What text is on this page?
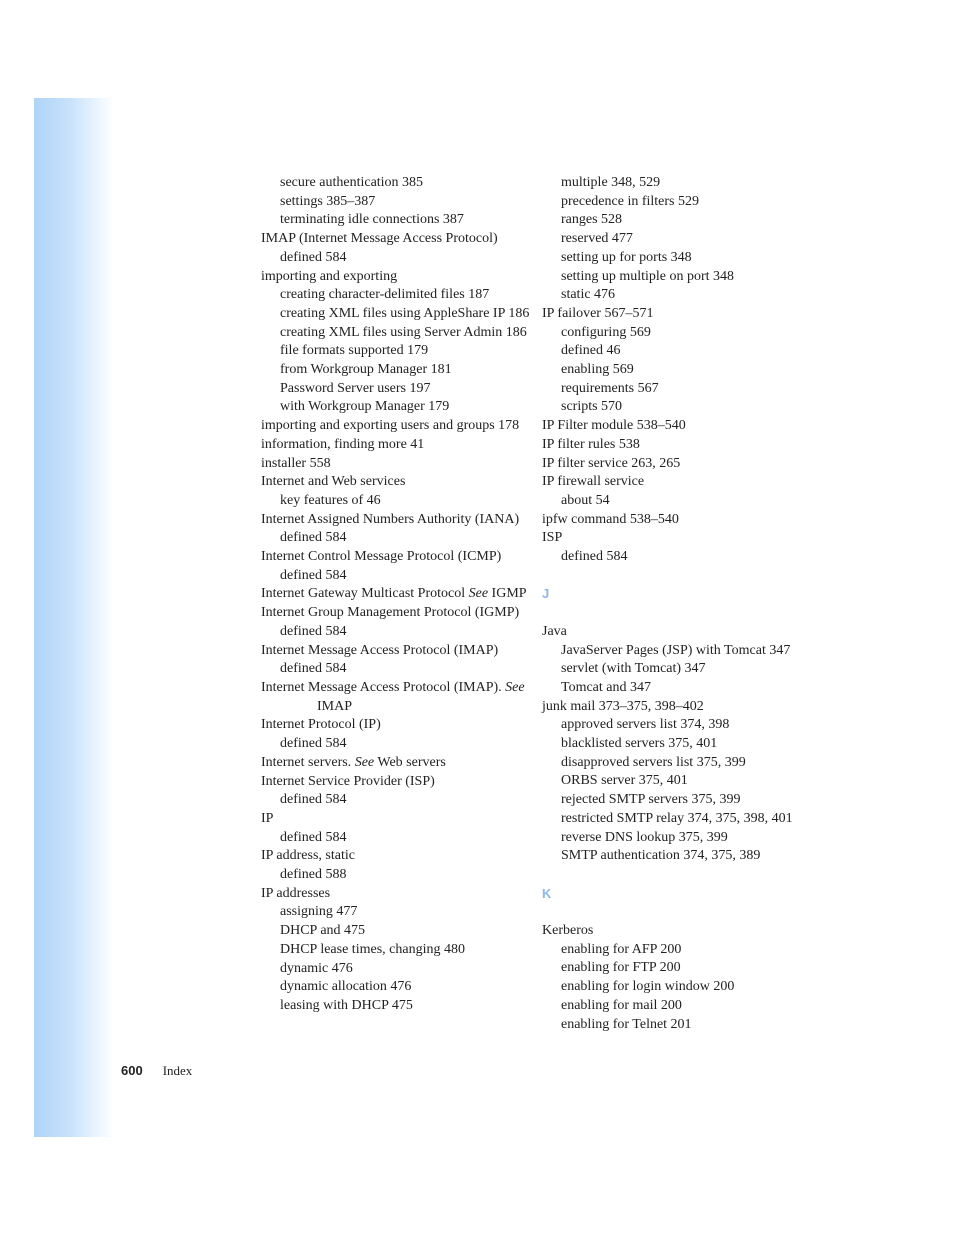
secure authentication 385
settings 385–387
terminating idle connections 387
IMAP (Internet Message Access Protocol)
defined 584
importing and exporting
creating character-delimited files 187
creating XML files using AppleShare IP 186
creating XML files using Server Admin 186
file formats supported 179
from Workgroup Manager 181
Password Server users 197
with Workgroup Manager 179
importing and exporting users and groups 178
information, finding more 41
installer 558
Internet and Web services
key features of 46
Internet Assigned Numbers Authority (IANA)
defined 584
Internet Control Message Protocol (ICMP)
defined 584
Internet Gateway Multicast Protocol See IGMP
Internet Group Management Protocol (IGMP)
defined 584
Internet Message Access Protocol (IMAP)
defined 584
Internet Message Access Protocol (IMAP). See
IMAP
Internet Protocol (IP)
defined 584
Internet servers. See Web servers
Internet Service Provider (ISP)
defined 584
IP
defined 584
IP address, static
defined 588
IP addresses
assigning 477
DHCP and 475
DHCP lease times, changing 480
dynamic 476
dynamic allocation 476
leasing with DHCP 475
multiple 348, 529
precedence in filters 529
ranges 528
reserved 477
setting up for ports 348
setting up multiple on port 348
static 476
IP failover 567–571
configuring 569
defined 46
enabling 569
requirements 567
scripts 570
IP Filter module 538–540
IP filter rules 538
IP filter service 263, 265
IP firewall service
about 54
ipfw command 538–540
ISP
defined 584
J
Java
JavaServer Pages (JSP) with Tomcat 347
servlet (with Tomcat) 347
Tomcat and 347
junk mail 373–375, 398–402
approved servers list 374, 398
blacklisted servers 375, 401
disapproved servers list 375, 399
ORBS server 375, 401
rejected SMTP servers 375, 399
restricted SMTP relay 374, 375, 398, 401
reverse DNS lookup 375, 399
SMTP authentication 374, 375, 389
K
Kerberos
enabling for AFP 200
enabling for FTP 200
enabling for login window 200
enabling for mail 200
enabling for Telnet 201
600 Index
